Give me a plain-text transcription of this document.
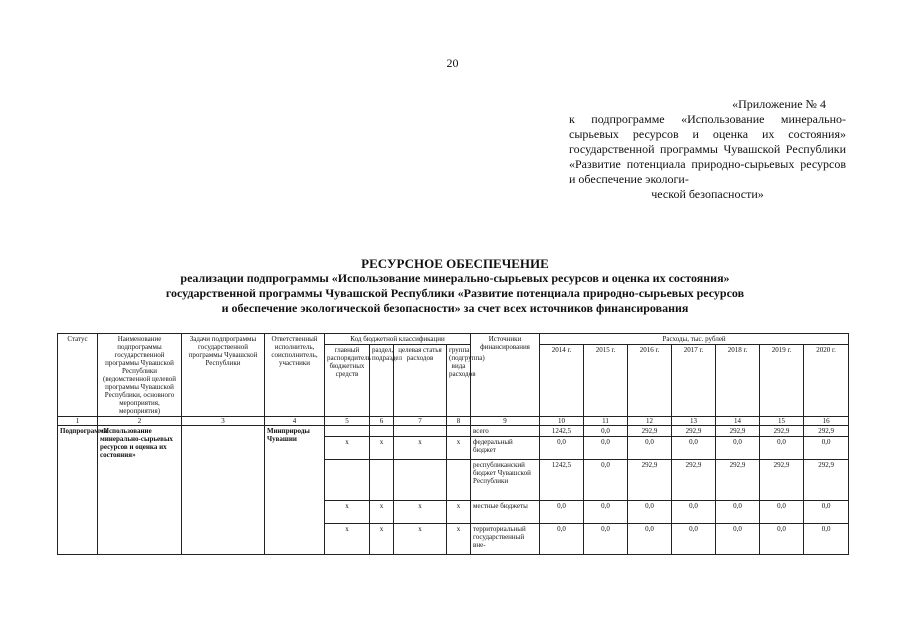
20
«Приложение № 4
к подпрограмме «Использование минерально-сырьевых ресурсов и оценка их состояния» государственной программы Чувашской Республики «Развитие потенциала природно-сырьевых ресурсов и обеспечение экологи-
ческой безопасности»
РЕСУРСНОЕ ОБЕСПЕЧЕНИЕ
реализации подпрограммы «Использование минерально-сырьевых ресурсов и оценка их состояния»
государственной программы Чувашской Республики «Развитие потенциала природно-сырьевых ресурсов
и обеспечение экологической безопасности» за счет всех источников финансирования
Статус	Наименование подпрограммы государственной программы Чувашской Республики (ведомственной целевой программы Чувашской Республики, основного мероприятия, мероприятия)	Задачи подпрограммы государственной программы Чувашской Республики	Ответственный исполнитель, соисполнитель, участники	Код бюджетной классификации				Источники финансирования	Расходы, тыс. рублей						
				главный распорядитель бюджетных средств	раздел, подраздел	целевая статья расходов	группа (подгруппа) вида расходов		2014 г.	2015 г.	2016 г.	2017 г.	2018 г.	2019 г.	2020 г.
1	2	3	4	5	6	7	8	9	10	11	12	13	14	15	16
Подпрограмма	«Использование минерально-сырьевых ресурсов и оценка их состояния»		Минприроды Чувашии					всего	1242,5	0,0	292,9	292,9	292,9	292,9	292,9
				x	x	x	x	федеральный бюджет	0,0	0,0	0,0	0,0	0,0	0,0	0,0
								республиканский бюджет Чувашской Республики	1242,5	0,0	292,9	292,9	292,9	292,9	292,9
				x	x	x	x	местные бюджеты	0,0	0,0	0,0	0,0	0,0	0,0	0,0
				x	x	x	x	территориальный государственный вне-	0,0	0,0	0,0	0,0	0,0	0,0	0,0
